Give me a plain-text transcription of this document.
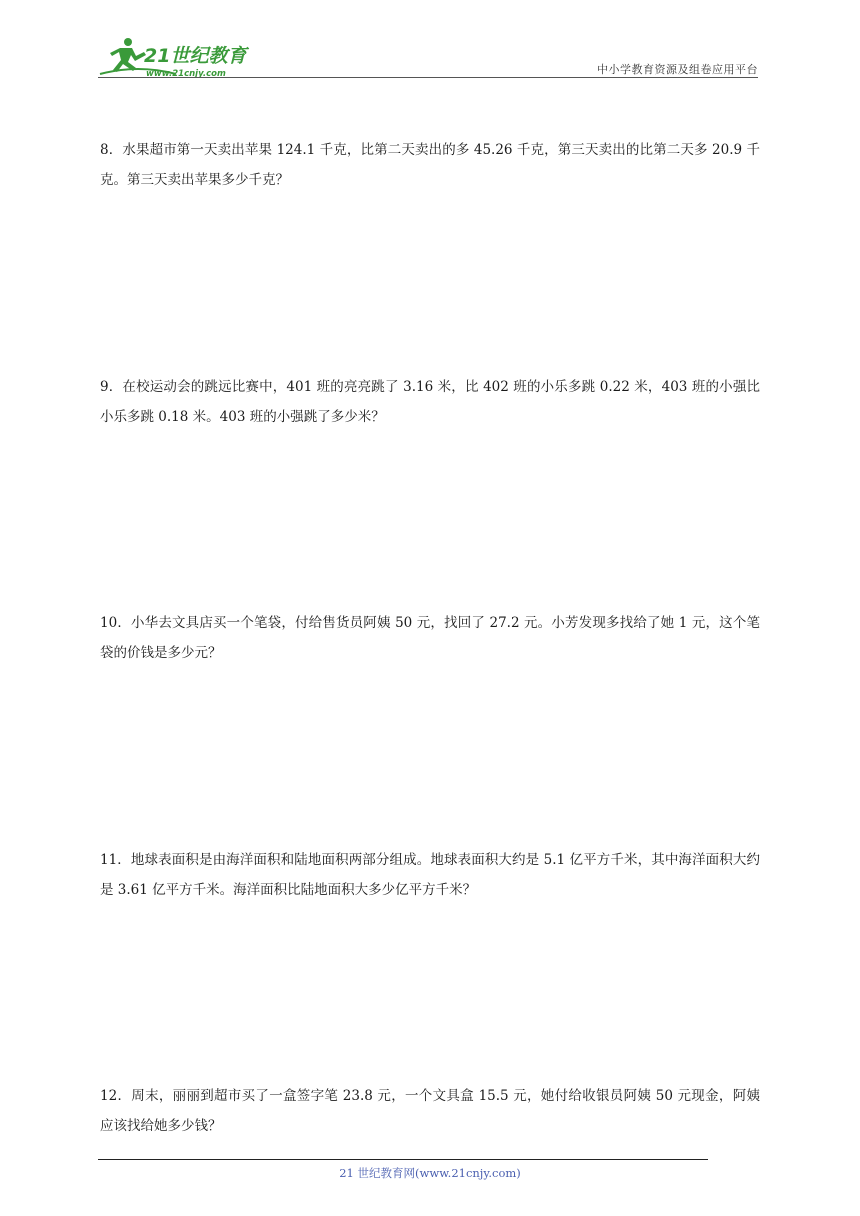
21世纪教育
www.21cnjy.com	中小学教育资源及组卷应用平台
8．水果超市第一天卖出苹果 124.1 千克，比第二天卖出的多 45.26 千克，第三天卖出的比第二天多 20.9 千克。第三天卖出苹果多少千克？
9．在校运动会的跳远比赛中，401 班的亮亮跳了 3.16 米，比 402 班的小乐多跳 0.22 米，403 班的小强比小乐多跳 0.18 米。403 班的小强跳了多少米？
10．小华去文具店买一个笔袋，付给售货员阿姨 50 元，找回了 27.2 元。小芳发现多找给了她 1 元，这个笔袋的价钱是多少元？
11．地球表面积是由海洋面积和陆地面积两部分组成。地球表面积大约是 5.1 亿平方千米，其中海洋面积大约是 3.61 亿平方千米。海洋面积比陆地面积大多少亿平方千米？
12．周末，丽丽到超市买了一盒签字笔 23.8 元，一个文具盒 15.5 元，她付给收银员阿姨 50 元现金，阿姨应该找给她多少钱？
21 世纪教育网(www.21cnjy.com)
